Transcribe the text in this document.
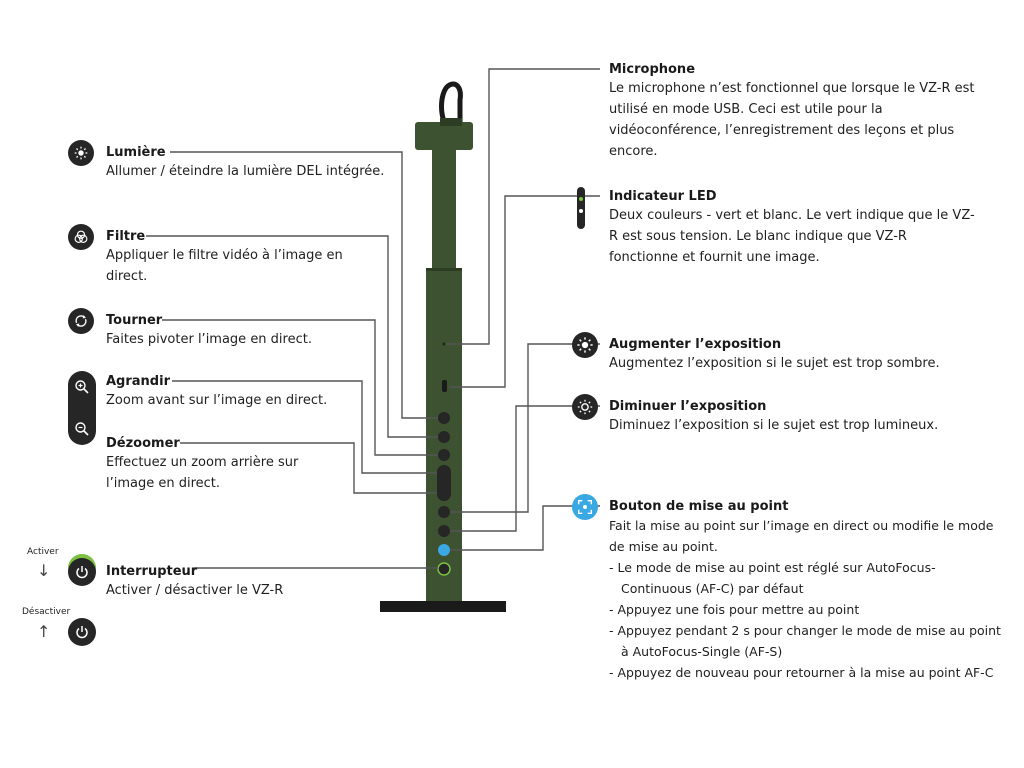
Microphone
Le microphone n’est fonctionnel que lorsque le VZ-R est utilisé en mode USB. Ceci est utile pour la vidéoconférence, l’enregistrement des leçons et plus encore.
Indicateur LED
Deux couleurs - vert et blanc. Le vert indique que le VZ-R est sous tension. Le blanc indique que VZ-R fonctionne et fournit une image.
Augmenter l’exposition
Augmentez l’exposition si le sujet est trop sombre.
Diminuer l’exposition
Diminuez l’exposition si le sujet est trop lumineux.
Bouton de mise au point
Fait la mise au point sur l’image en direct ou modifie le mode de mise au point.
- Le mode de mise au point est réglé sur AutoFocus-Continuous (AF-C) par défaut
- Appuyez une fois pour mettre au point
- Appuyez pendant 2 s pour changer le mode de mise au point à AutoFocus-Single (AF-S)
- Appuyez de nouveau pour retourner à la mise au point AF-C
Lumière
Allumer / éteindre la lumière DEL intégrée.
Filtre
Appliquer le filtre vidéo à l’image en direct.
Tourner
Faites pivoter l’image en direct.
Agrandir
Zoom avant sur l’image en direct.
Dézoomer
Effectuez un zoom arrière sur l’image en direct.
Activer
↓	Interrupteur
Activer / désactiver le VZ-R
Désactiver
↑
